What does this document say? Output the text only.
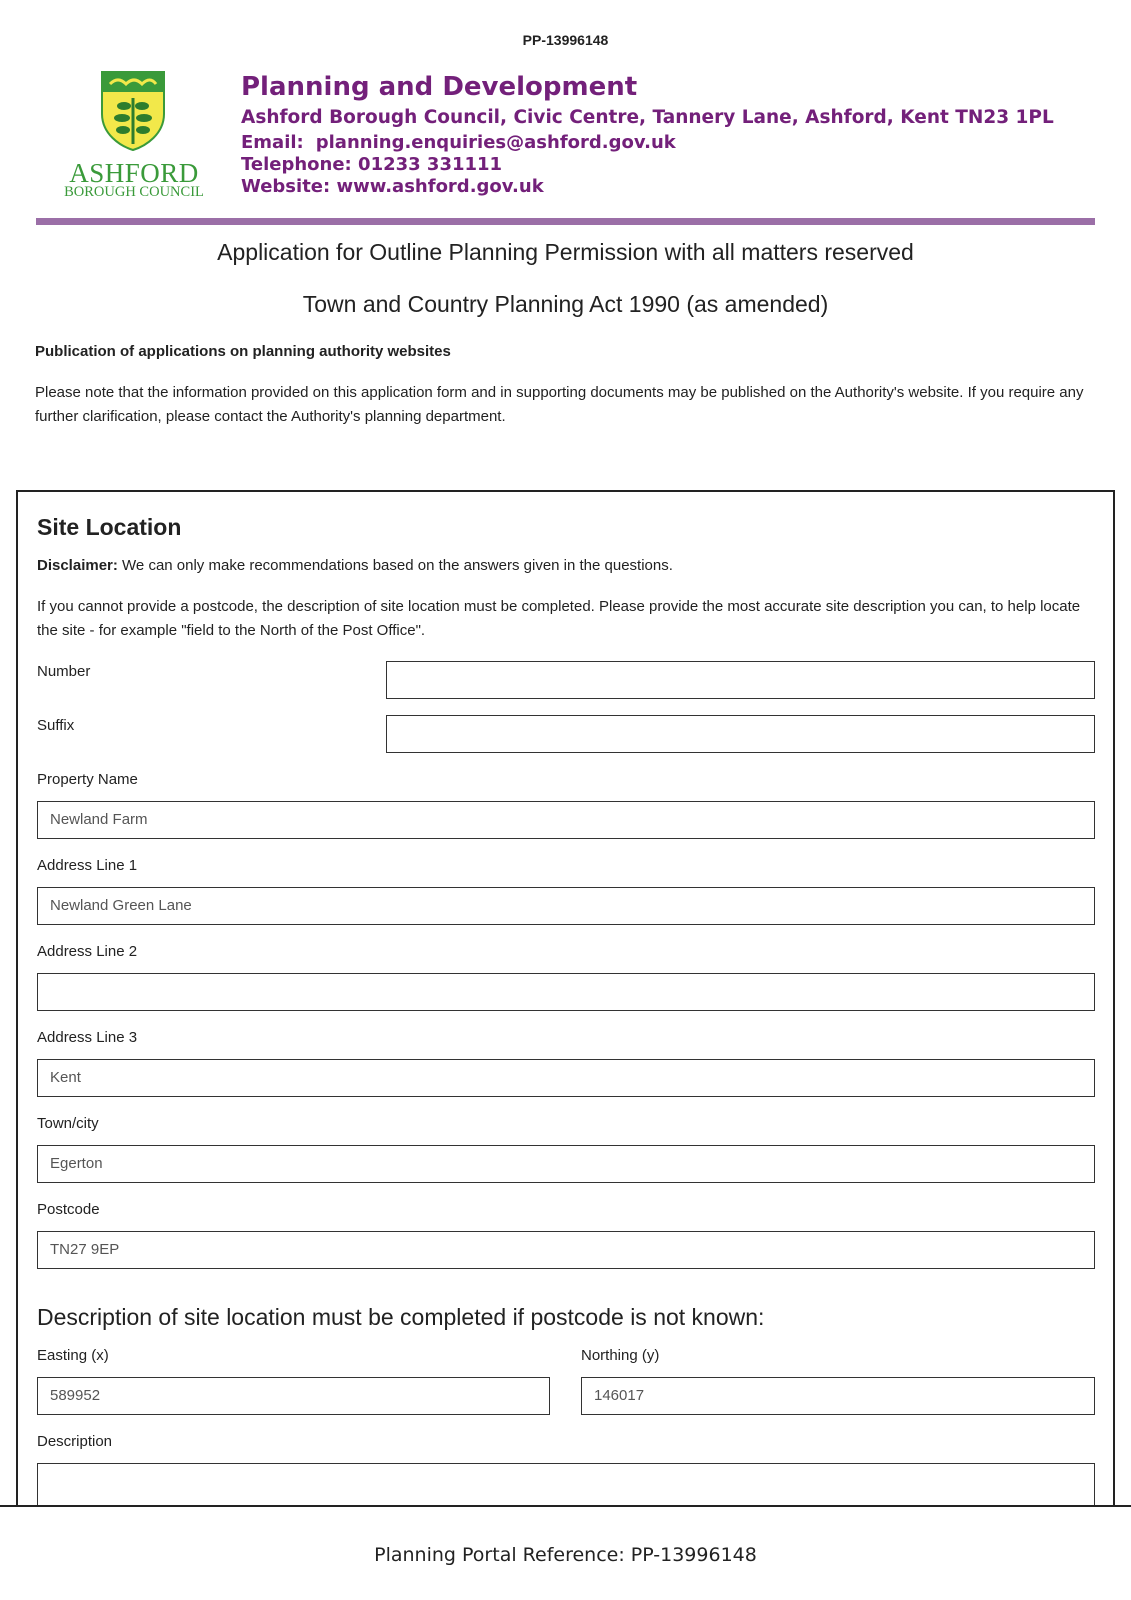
PP-13996148
ASHFORD
BOROUGH COUNCIL
Planning and Development
Ashford Borough Council, Civic Centre, Tannery Lane, Ashford, Kent TN23 1PL
Email: planning.enquiries@ashford.gov.uk
Telephone: 01233 331111
Website: www.ashford.gov.uk
Application for Outline Planning Permission with all matters reserved
Town and Country Planning Act 1990 (as amended)
Publication of applications on planning authority websites
Please note that the information provided on this application form and in supporting documents may be published on the Authority's website. If you require any further clarification, please contact the Authority's planning department.
Site Location
Disclaimer: We can only make recommendations based on the answers given in the questions.
If you cannot provide a postcode, the description of site location must be completed. Please provide the most accurate site description you can, to help locate the site - for example "field to the North of the Post Office".
Number
Suffix
Property Name
Newland Farm
Address Line 1
Newland Green Lane
Address Line 2
Address Line 3
Kent
Town/city
Egerton
Postcode
TN27 9EP
Description of site location must be completed if postcode is not known:
Easting (x)
589952
Northing (y)
146017
Description
Planning Portal Reference: PP-13996148
